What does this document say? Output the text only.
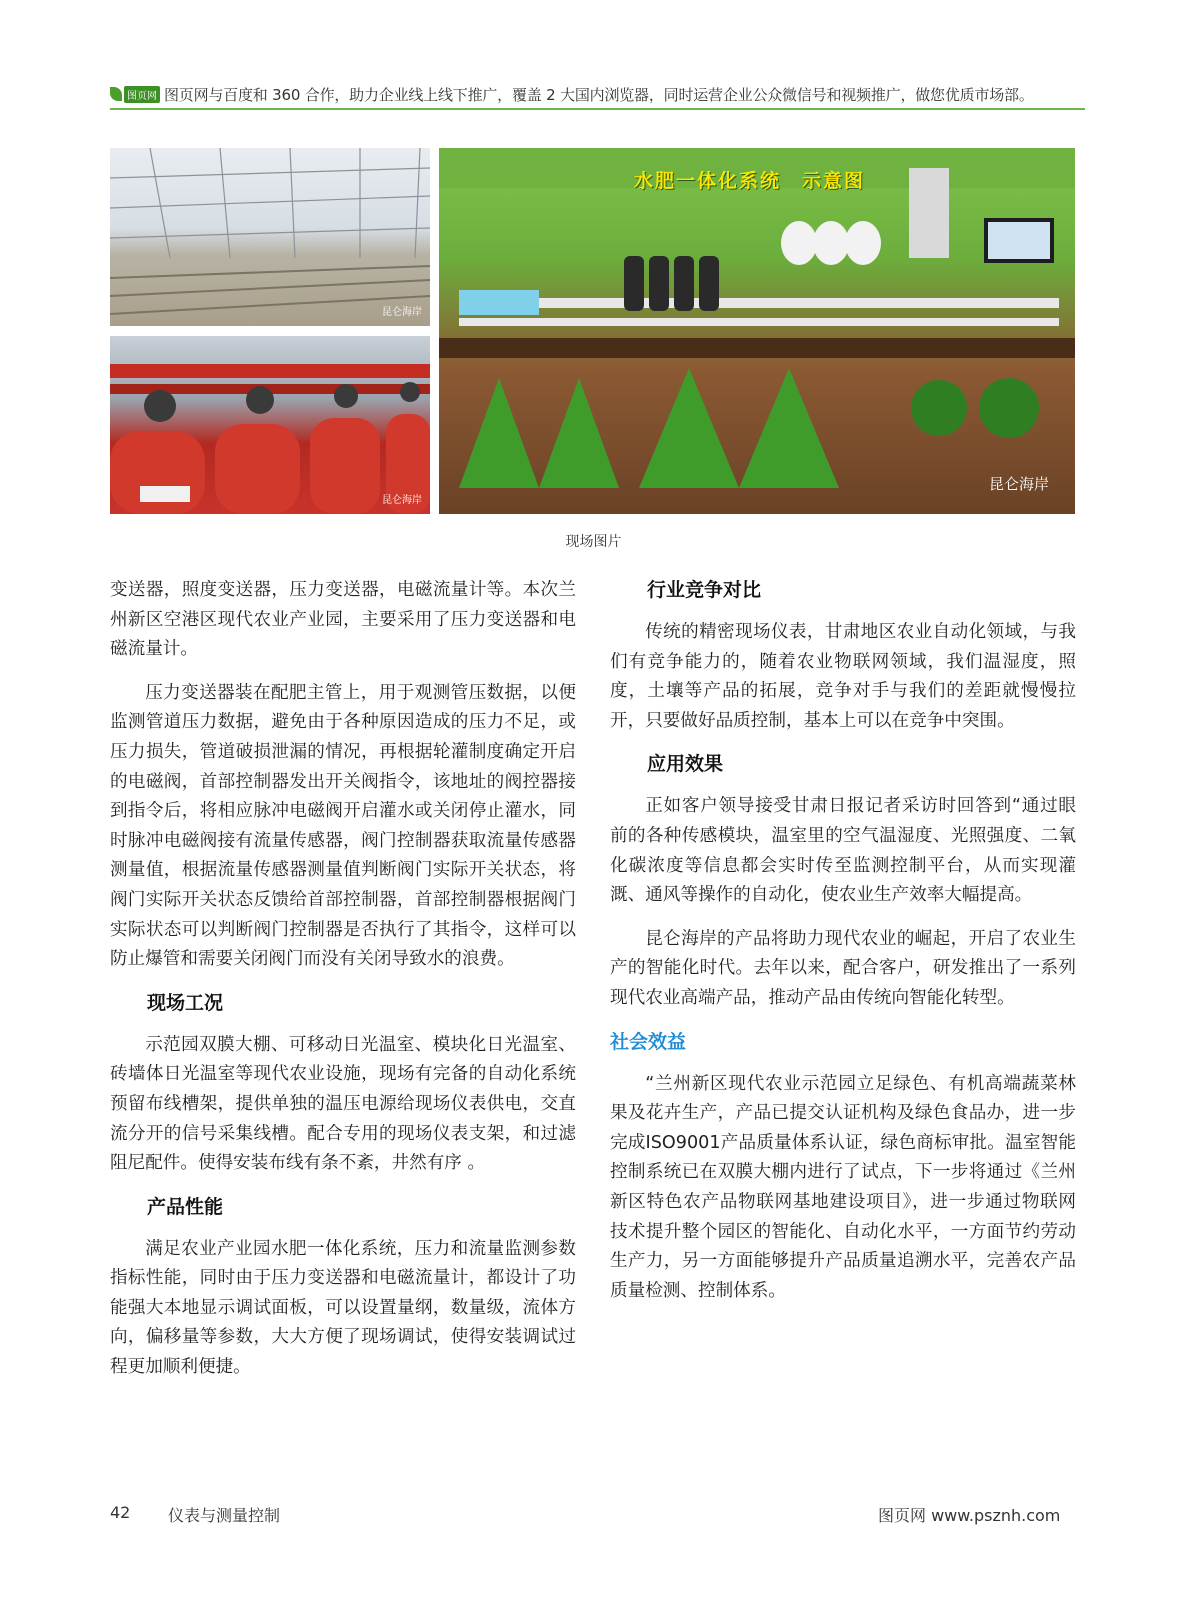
图页网 图页网与百度和 360 合作，助力企业线上线下推广，覆盖 2 大国内浏览器，同时运营企业公众微信号和视频推广，做您优质市场部。
昆仑海岸
昆仑海岸
水肥一体化系统　示意图
昆仑海岸
现场图片

变送器，照度变送器，压力变送器，电磁流量计等。本次兰州新区空港区现代农业产业园，主要采用了压力变送器和电磁流量计。

压力变送器装在配肥主管上，用于观测管压数据，以便监测管道压力数据，避免由于各种原因造成的压力不足，或压力损失，管道破损泄漏的情况，再根据轮灌制度确定开启的电磁阀，首部控制器发出开关阀指令，该地址的阀控器接到指令后，将相应脉冲电磁阀开启灌水或关闭停止灌水，同时脉冲电磁阀接有流量传感器，阀门控制器获取流量传感器测量值，根据流量传感器测量值判断阀门实际开关状态，将阀门实际开关状态反馈给首部控制器，首部控制器根据阀门实际状态可以判断阀门控制器是否执行了其指令，这样可以防止爆管和需要关闭阀门而没有关闭导致水的浪费。

现场工况

示范园双膜大棚、可移动日光温室、模块化日光温室、砖墙体日光温室等现代农业设施，现场有完备的自动化系统预留布线槽架，提供单独的温压电源给现场仪表供电，交直流分开的信号采集线槽。配合专用的现场仪表支架，和过滤阻尼配件。使得安装布线有条不紊，井然有序 。

产品性能

满足农业产业园水肥一体化系统，压力和流量监测参数指标性能，同时由于压力变送器和电磁流量计，都设计了功能强大本地显示调试面板，可以设置量纲，数量级，流体方向，偏移量等参数，大大方便了现场调试，使得安装调试过程更加顺利便捷。

行业竞争对比

传统的精密现场仪表，甘肃地区农业自动化领域，与我们有竞争能力的，随着农业物联网领域，我们温湿度，照度，土壤等产品的拓展，竞争对手与我们的差距就慢慢拉开，只要做好品质控制，基本上可以在竞争中突围。

应用效果

正如客户领导接受甘肃日报记者采访时回答到“通过眼前的各种传感模块，温室里的空气温湿度、光照强度、二氧化碳浓度等信息都会实时传至监测控制平台，从而实现灌溉、通风等操作的自动化，使农业生产效率大幅提高。

昆仑海岸的产品将助力现代农业的崛起，开启了农业生产的智能化时代。去年以来，配合客户，研发推出了一系列现代农业高端产品，推动产品由传统向智能化转型。

社会效益

“兰州新区现代农业示范园立足绿色、有机高端蔬菜林果及花卉生产，产品已提交认证机构及绿色食品办，进一步完成ISO9001产品质量体系认证，绿色商标审批。温室智能控制系统已在双膜大棚内进行了试点，下一步将通过《兰州新区特色农产品物联网基地建设项目》，进一步通过物联网技术提升整个园区的智能化、自动化水平，一方面节约劳动生产力，另一方面能够提升产品质量追溯水平，完善农产品质量检测、控制体系。

42 仪表与测量控制	图页网 www.psznh.com
